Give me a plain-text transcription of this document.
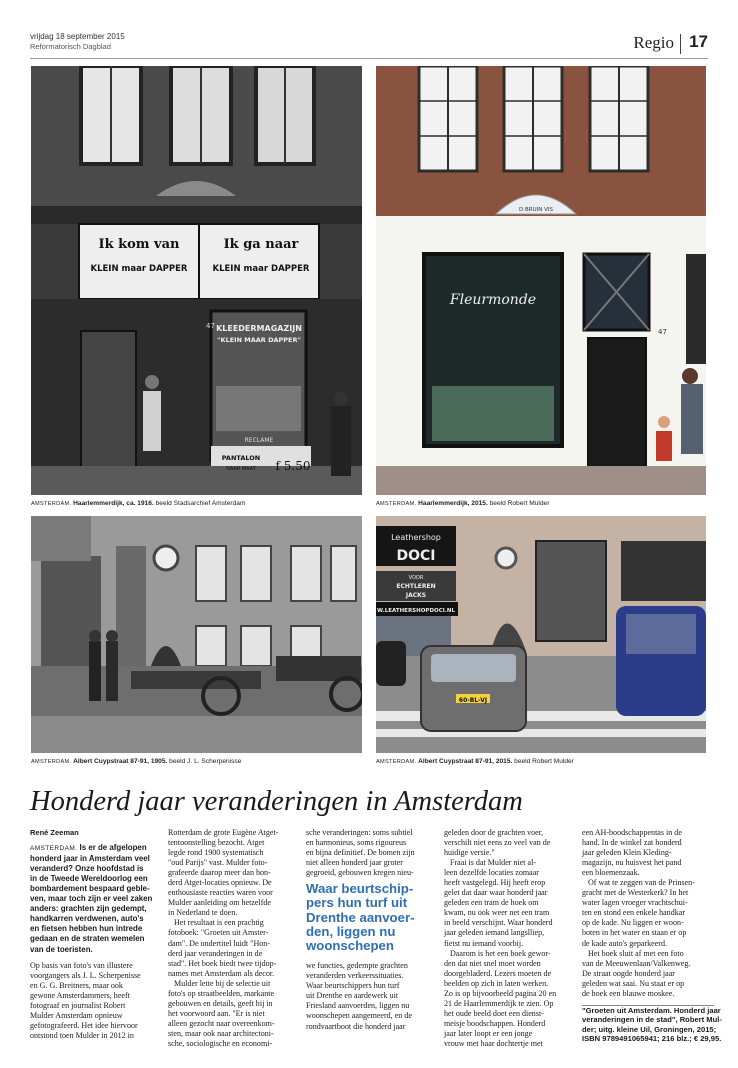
vrijdag 18 september 2015
Reformatorisch Dagblad	Regio 17
Ik kom van
KLEIN maar DAPPER
Ik ga naar
KLEIN maar DAPPER
KLEEDERMAGAZIJN
"KLEIN MAAR DAPPER"
47
RECLAME
PANTALON
NAAR MAAT f 5.50
AMSTERDAM. Haarlemmerdijk, ca. 1916. beeld Stadsarchief Amsterdam
Fleurmonde
D BRUIN VIS
47
AMSTERDAM. Haarlemmerdijk, 2015. beeld Robert Mulder
AMSTERDAM. Albert Cuypstraat 87-91, 1905. beeld J. L. Scherpenisse
Leathershop
DOCI
VOOR
ECHTLEREN
JACKS
W.LEATHERSHOPDOCI.NL
60-BL-VJ
AMSTERDAM. Albert Cuypstraat 87-91, 2015. beeld Robert Mulder
Honderd jaar veranderingen in Amsterdam
René Zeeman

AMSTERDAM. Is er de afgelopen
honderd jaar in Amsterdam veel
veranderd? Onze hoofdstad is
in de Tweede Wereldoorlog een
bombardement bespaard geble-
ven, maar toch zijn er veel zaken
anders: grachten zijn gedempt,
handkarren verdwenen, auto's
en fietsen hebben hun intrede
gedaan en de straten wemelen
van de toeristen.

Op basis van foto's van illustere
voorgangers als J. L. Scherpenisse
en G. G. Breitners, maar ook
gewone Amsterdammers, heeft
fotograaf en journalist Robert
Mulder Amsterdam opnieuw
gefotografeerd. Het idee hiervoor
ontstond toen Mulder in 2012 in

Rotterdam de grote Eugène Atget-
tentoonstelling bezocht. Atget
legde rond 1900 systematisch
"oud Parijs" vast. Mulder foto-
grafeerde daarop meer dan hon-
derd Atget-locaties opnieuw. De
enthousiaste reacties waren voor
Mulder aanleiding om hetzelfde
in Nederland te doen.

Het resultaat is een prachtig
fotoboek: "Groeten uit Amster-
dam". De ondertitel luidt "Hon-
derd jaar veranderingen in de
stad". Het boek biedt twee tijdop-
names met Amsterdam als decor.

Mulder lette bij de selectie uit
foto's op straatbeelden, markante
gebouwen en details, geeft hij in
het voorwoord aan. "Er is niet
alleen gezocht naar overeenkom-
sten, maar ook naar architectoni-
sche, sociologische en economi-

sche veranderingen: soms subtiel
en harmonieus, soms rigoureus
en bijna definitief. De bomen zijn
niet alleen honderd jaar groter
gegroeid, gebouwen kregen nieu-

Waar beurtschip-
pers hun turf uit
Drenthe aanvoer-
den, liggen nu
woonschepen

we functies, gedempte grachten
veranderden verkeerssituaties.
Waar beurtschippers hun turf
uit Drenthe en aardewerk uit
Friesland aanvoerden, liggen nu
woonschepen aangemeerd, en de
rondvaartboot die honderd jaar

geleden door de grachten voer,
verschilt niet eens zo veel van de
huidige versie."

Fraai is dat Mulder niet al-
leen dezelfde locaties zomaar
heeft vastgelegd. Hij heeft erop
gelet dat daar waar honderd jaar
geleden een tram de hoek om
kwam, nu ook weer net een tram
in beeld verschijnt. Waar honderd
jaar geleden iemand langslliep,
fietst nu iemand voorbij.

Daarom is het een boek gewor-
den dat niet snel moet worden
doorgebladerd. Lezers moeten de
beelden op zich in laten werken.
Zo is op bijvoorbeeld pagina 20 en
21 de Haarlemmerdijk te zien. Op
het oude beeld doet een dienst-
meisje boodschappen. Honderd
jaar later loopt er een jonge
vrouw met haar dochtertje met

een AH-boodschappentas in de
hand. In de winkel zat honderd
jaar geleden Klein Kleding-
magazijn, nu huisvest het pand
een bloemenzaak.

Of wat te zeggen van de Prinsen-
gracht met de Westerkerk? In het
water lagen vroeger vrachtschui-
ten en stond een enkele handkar
op de kade. Nu liggen er woon-
boten in het water en staan er op
de kade auto's geparkeerd.

Het boek sluit af met een foto
van de Meeuwenlaan/Valkenweg.
De straat oogde honderd jaar
geleden wat saai. Nu staat er op
de hoek een blauwe moskee.

"Groeten uit Amsterdam. Honderd jaar
veranderingen in de stad", Robert Mul-
der; uitg. kleine Uil, Groningen, 2015;
ISBN 9789491065941; 216 blz.; € 29,95.
